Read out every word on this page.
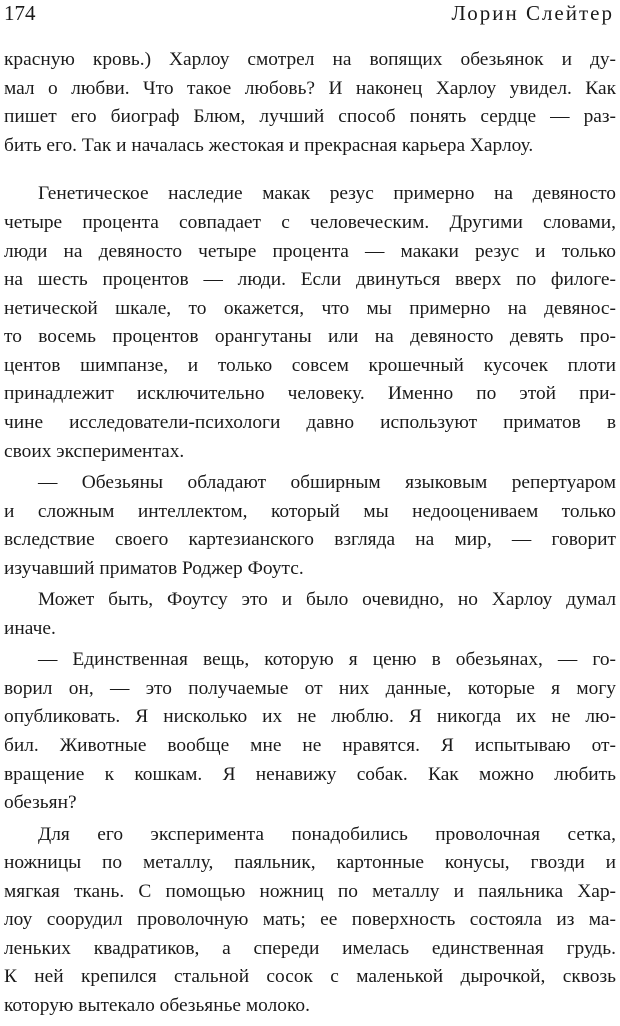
174	Лорин Слейтер
красную кровь.) Харлоу смотрел на вопящих обезьянок и ду-
мал о любви. Что такое любовь? И наконец Харлоу увидел. Как
пишет его биограф Блюм, лучший способ понять сердце — раз-
бить его. Так и началась жестокая и прекрасная карьера Харлоу.
Генетическое наследие макак резус примерно на девяносто
четыре процента совпадает с человеческим. Другими словами,
люди на девяносто четыре процента — макаки резус и только
на шесть процентов — люди. Если двинуться вверх по филоге-
нетической шкале, то окажется, что мы примерно на девянос-
то восемь процентов орангутаны или на девяносто девять про-
центов шимпанзе, и только совсем крошечный кусочек плоти
принадлежит исключительно человеку. Именно по этой при-
чине исследователи-психологи давно используют приматов в
своих экспериментах.
— Обезьяны обладают обширным языковым репертуаром
и сложным интеллектом, который мы недооцениваем только
вследствие своего картезианского взгляда на мир, — говорит
изучавший приматов Роджер Фоутс.
Может быть, Фоутсу это и было очевидно, но Харлоу думал
иначе.
— Единственная вещь, которую я ценю в обезьянах, — го-
ворил он, — это получаемые от них данные, которые я могу
опубликовать. Я нисколько их не люблю. Я никогда их не лю-
бил. Животные вообще мне не нравятся. Я испытываю от-
вращение к кошкам. Я ненавижу собак. Как можно любить
обезьян?
Для его эксперимента понадобились проволочная сетка,
ножницы по металлу, паяльник, картонные конусы, гвозди и
мягкая ткань. С помощью ножниц по металлу и паяльника Хар-
лоу соорудил проволочную мать; ее поверхность состояла из ма-
леньких квадратиков, а спереди имелась единственная грудь.
К ней крепился стальной сосок с маленькой дырочкой, сквозь
которую вытекало обезьянье молоко.
